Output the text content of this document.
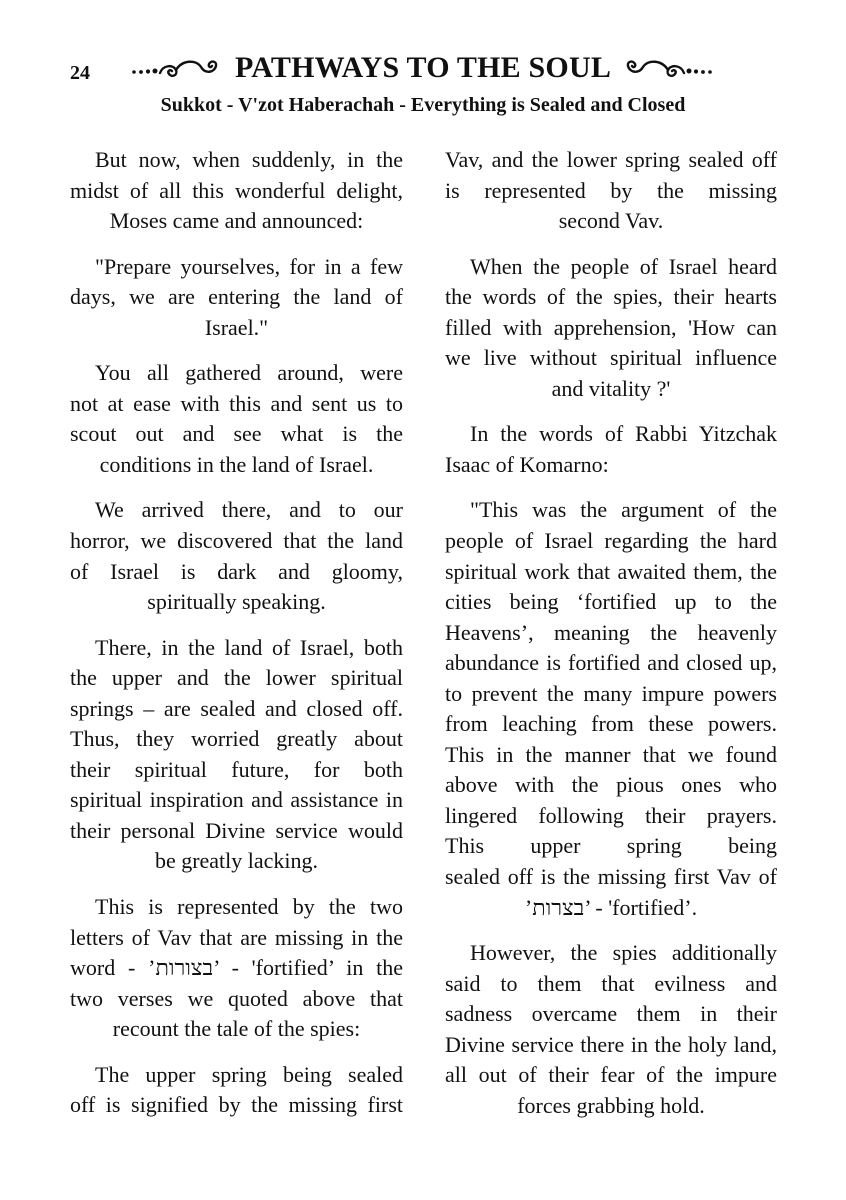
24	PATHWAYS TO THE SOUL
Sukkot - V'zot Haberachah - Everything is Sealed and Closed
But now, when suddenly, in the
midst of all this wonderful delight,
Moses came and announced:
"Prepare yourselves, for in a few
days, we are entering the land of
Israel."
You all gathered around, were
not at ease with this and sent us to
scout out and see what is the
conditions in the land of Israel.
We arrived there, and to our
horror, we discovered that the land
of Israel is dark and gloomy,
spiritually speaking.
There, in the land of Israel, both
the upper and the lower spiritual
springs – are sealed and closed off.
Thus, they worried greatly about
their spiritual future, for both
spiritual inspiration and assistance in
their personal Divine service would
be greatly lacking.
This is represented by the two
letters of Vav that are missing in the
word - ’בצורות’ - 'fortified’ in the
two verses we quoted above that
recount the tale of the spies:
The upper spring being sealed
off is signified by the missing first
Vav, and the lower spring sealed off
is represented by the missing
second Vav.
When the people of Israel heard
the words of the spies, their hearts
filled with apprehension, 'How can
we live without spiritual influence
and vitality ?'
In the words of Rabbi Yitzchak
Isaac of Komarno:
"This was the argument of the
people of Israel regarding the hard
spiritual work that awaited them, the
cities being ‘fortified up to the
Heavens’, meaning the heavenly
abundance is fortified and closed up,
to prevent the many impure powers
from leaching from these powers.
This in the manner that we found
above with the pious ones who
lingered following their prayers.
This upper spring being
sealed off is the missing first Vav of
’בצרות’ - 'fortified’.
However, the spies additionally
said to them that evilness and
sadness overcame them in their
Divine service there in the holy land,
all out of their fear of the impure
forces grabbing hold.
